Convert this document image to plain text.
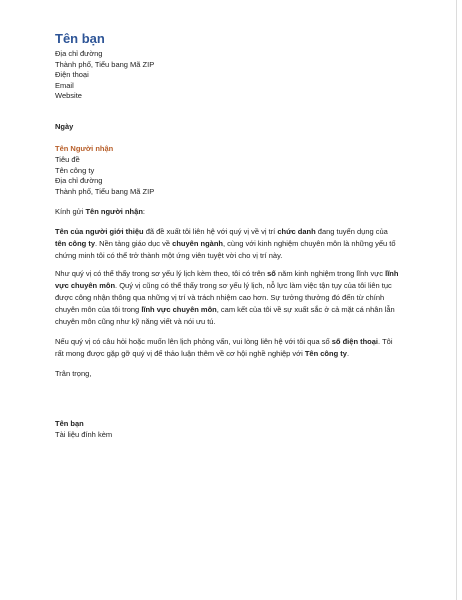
Tên bạn
Địa chỉ đường
Thành phố, Tiểu bang Mã ZIP
Điện thoại
Email
Website
Ngày
Tên Người nhận
Tiêu đề
Tên công ty
Địa chỉ đường
Thành phố, Tiểu bang Mã ZIP
Kính gửi Tên người nhận:
Tên của người giới thiệu đã đề xuất tôi liên hệ với quý vị về vị trí chức danh đang tuyển dụng của tên công ty. Nền tảng giáo dục về chuyên ngành, cùng với kinh nghiệm chuyên môn là những yếu tố chứng minh tôi có thể trở thành một ứng viên tuyệt vời cho vị trí này.
Như quý vị có thể thấy trong sơ yếu lý lịch kèm theo, tôi có trên số năm kinh nghiệm trong lĩnh vực lĩnh vực chuyên môn. Quý vị cũng có thể thấy trong sơ yếu lý lịch, nỗ lực làm việc tận tụy của tôi liên tục được công nhận thông qua những vị trí và trách nhiệm cao hơn. Sự tưởng thưởng đó đến từ chính chuyên môn của tôi trong lĩnh vực chuyên môn, cam kết của tôi về sự xuất sắc ở cả mặt cá nhân lẫn chuyên môn cũng như kỹ năng viết và nói ưu tú.
Nếu quý vị có câu hỏi hoặc muốn lên lịch phỏng vấn, vui lòng liên hệ với tôi qua số số điện thoại. Tôi rất mong được gặp gỡ quý vị để thảo luận thêm về cơ hội nghề nghiệp với Tên công ty.
Trân trọng,
Tên bạn
Tài liệu đính kèm
